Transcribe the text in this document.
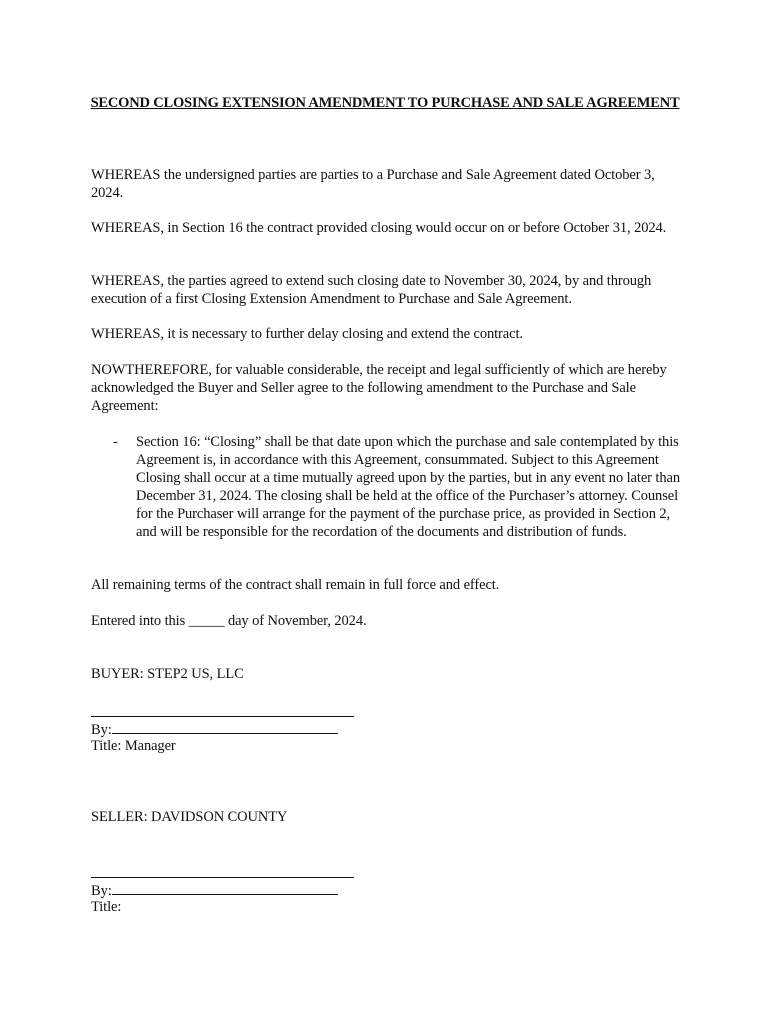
SECOND CLOSING EXTENSION AMENDMENT TO PURCHASE AND SALE AGREEMENT
WHEREAS the undersigned parties are parties to a Purchase and Sale Agreement dated October 3, 2024.
WHEREAS, in Section 16 the contract provided closing would occur on or before October 31, 2024.
WHEREAS, the parties agreed to extend such closing date to November 30, 2024, by and through execution of a first Closing Extension Amendment to Purchase and Sale Agreement.
WHEREAS, it is necessary to further delay closing and extend the contract.
NOWTHEREFORE, for valuable considerable, the receipt and legal sufficiently of which are hereby acknowledged the Buyer and Seller agree to the following amendment to the Purchase and Sale Agreement:
- Section 16: “Closing” shall be that date upon which the purchase and sale contemplated by this Agreement is, in accordance with this Agreement, consummated. Subject to this Agreement Closing shall occur at a time mutually agreed upon by the parties, but in any event no later than December 31, 2024. The closing shall be held at the office of the Purchaser’s attorney. Counsel for the Purchaser will arrange for the payment of the purchase price, as provided in Section 2, and will be responsible for the recordation of the documents and distribution of funds.
All remaining terms of the contract shall remain in full force and effect.
Entered into this _____ day of November, 2024.
BUYER: STEP2 US, LLC
By:
Title: Manager
SELLER: DAVIDSON COUNTY
By:
Title:
